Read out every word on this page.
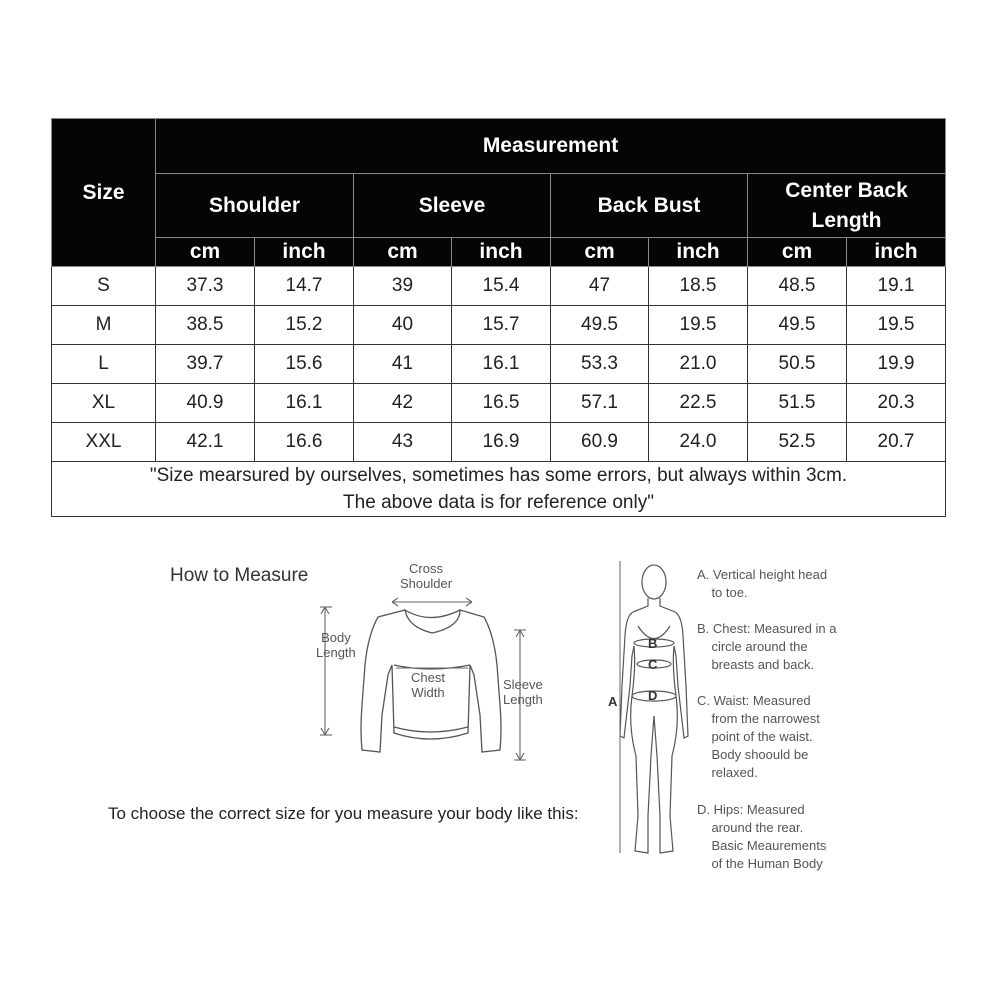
Size	Measurement							
	Shoulder		Sleeve		Back Bust		Center Back
Length	
	cm	inch	cm	inch	cm	inch	cm	inch
S	37.3	14.7	39	15.4	47	18.5	48.5	19.1
M	38.5	15.2	40	15.7	49.5	19.5	49.5	19.5
L	39.7	15.6	41	16.1	53.3	21.0	50.5	19.9
XL	40.9	16.1	42	16.5	57.1	22.5	51.5	20.3
XXL	42.1	16.6	43	16.9	60.9	24.0	52.5	20.7
"Size mearsured by ourselves, sometimes has some errors, but always within 3cm.
The above data is for reference only"								
How to Measure
To choose the correct size for you measure your body like this:
Cross
Shoulder
Body
Length
Chest
Width
Sleeve
Length
B
C
D
A
A. Vertical height head
to toe.
B. Chest: Measured in a
circle around the
breasts and back.
C. Waist: Measured
from the narrowest
point of the waist.
Body shoould be
relaxed.
D. Hips: Measured
around the rear.
Basic Meaurements
of the Human Body
